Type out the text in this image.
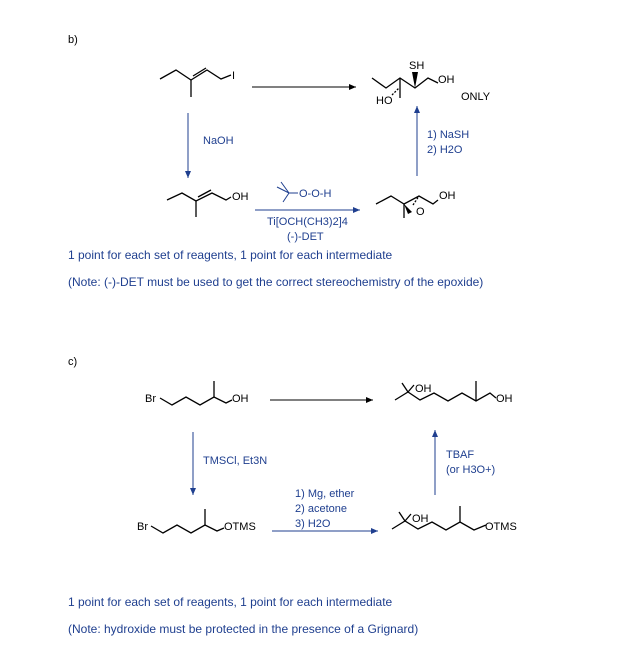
b)
I
SH
OH
HO	ONLY
NaOH
OH	O-O-H
Ti[OCH(CH3)2]4
(-)-DET
O
OH
1) NaSH
2) H2O
1 point for each set of reagents, 1 point for each intermediate
(Note: (-)-DET must be used to get the correct stereochemistry of the epoxide)
c)
Br	OH
OH
OH
TMSCl, Et3N
Br	OTMS
1) Mg, ether
2) acetone
3) H2O	OH
OTMS
TBAF
(or H3O+)
1 point for each set of reagents, 1 point for each intermediate
(Note: hydroxide must be protected in the presence of a Grignard)
